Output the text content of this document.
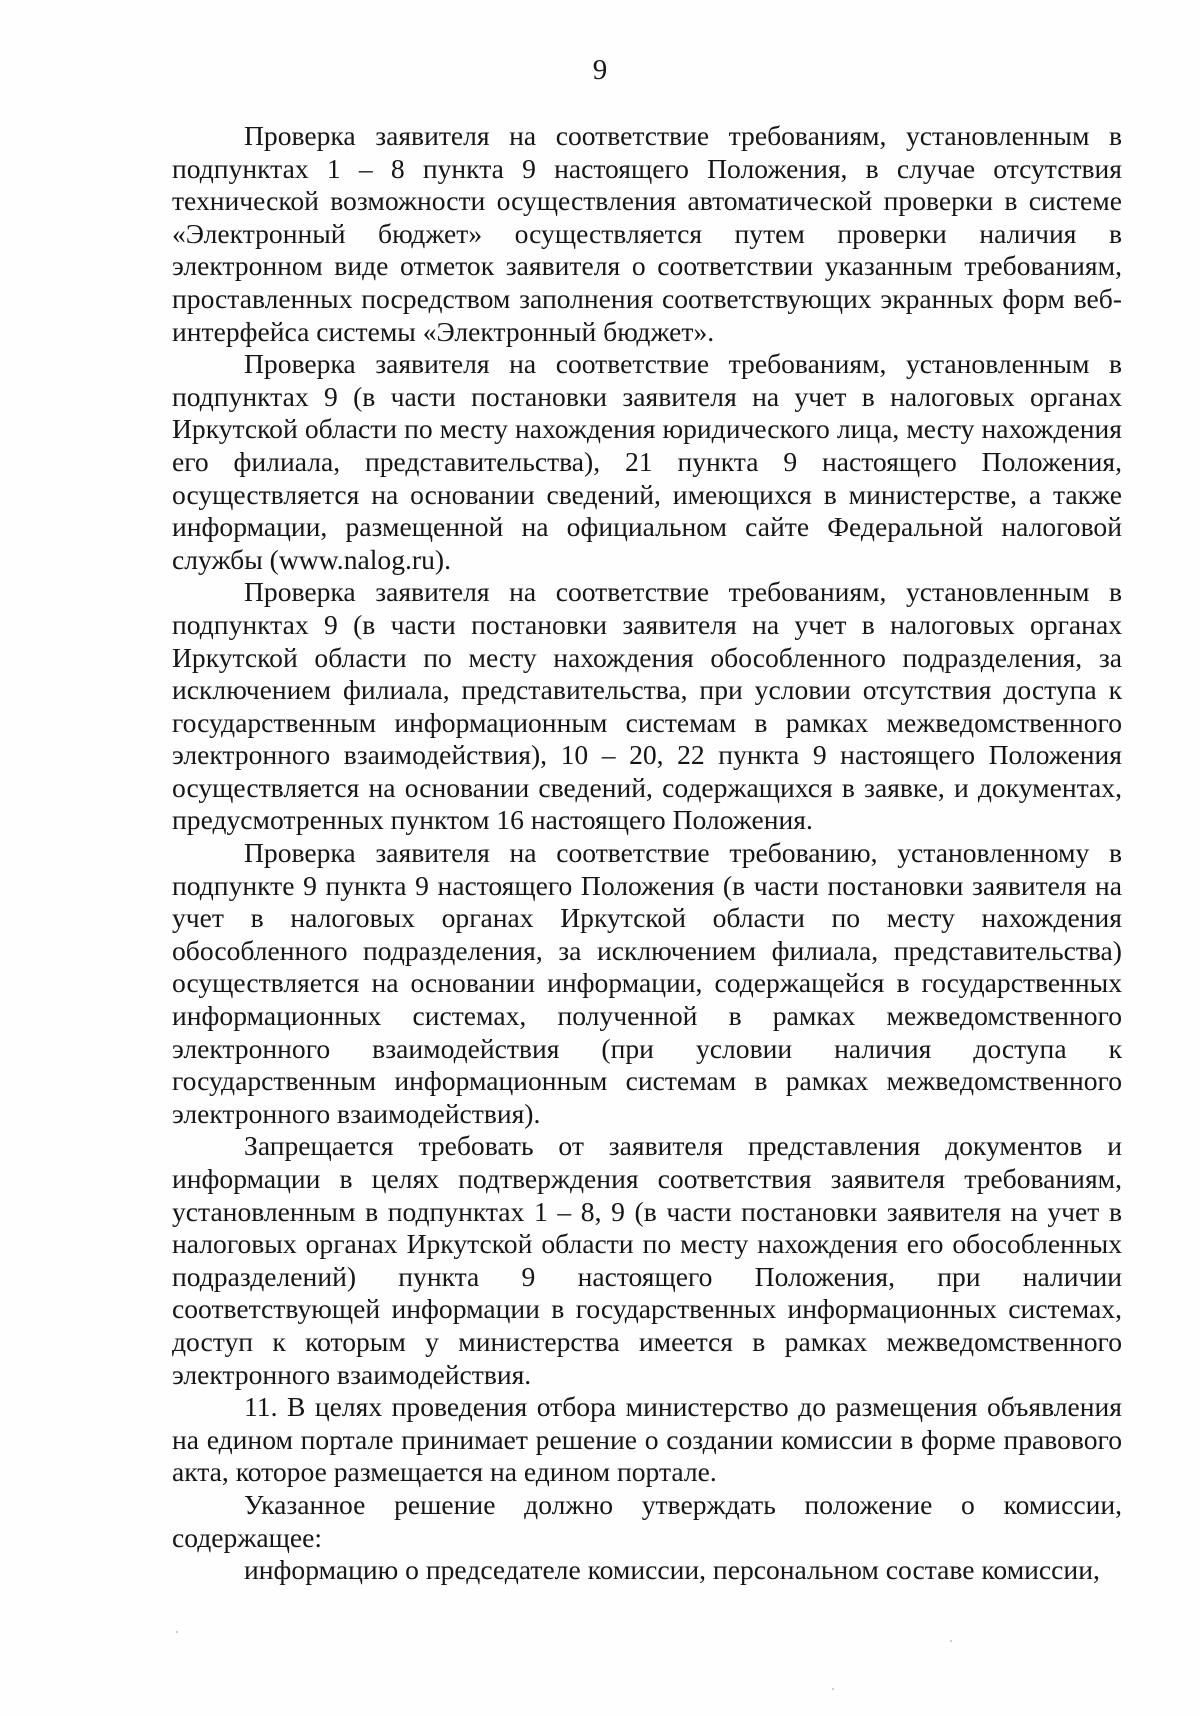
9

Проверка заявителя на соответствие требованиям, установленным в подпунктах 1 – 8 пункта 9 настоящего Положения, в случае отсутствия технической возможности осуществления автоматической проверки в системе «Электронный бюджет» осуществляется путем проверки наличия в электронном виде отметок заявителя о соответствии указанным требованиям, проставленных посредством заполнения соответствующих экранных форм веб-интерфейса системы «Электронный бюджет».

Проверка заявителя на соответствие требованиям, установленным в подпунктах 9 (в части постановки заявителя на учет в налоговых органах Иркутской области по месту нахождения юридического лица, месту нахождения его филиала, представительства), 21 пункта 9 настоящего Положения, осуществляется на основании сведений, имеющихся в министерстве, а также информации, размещенной на официальном сайте Федеральной налоговой службы (www.nalog.ru).

Проверка заявителя на соответствие требованиям, установленным в подпунктах 9 (в части постановки заявителя на учет в налоговых органах Иркутской области по месту нахождения обособленного подразделения, за исключением филиала, представительства, при условии отсутствия доступа к государственным информационным системам в рамках межведомственного электронного взаимодействия), 10 – 20, 22 пункта 9 настоящего Положения осуществляется на основании сведений, содержащихся в заявке, и документах, предусмотренных пунктом 16 настоящего Положения.

Проверка заявителя на соответствие требованию, установленному в подпункте 9 пункта 9 настоящего Положения (в части постановки заявителя на учет в налоговых органах Иркутской области по месту нахождения обособленного подразделения, за исключением филиала, представительства) осуществляется на основании информации, содержащейся в государственных информационных системах, полученной в рамках межведомственного электронного взаимодействия (при условии наличия доступа к государственным информационным системам в рамках межведомственного электронного взаимодействия).

Запрещается требовать от заявителя представления документов и информации в целях подтверждения соответствия заявителя требованиям, установленным в подпунктах 1 – 8, 9 (в части постановки заявителя на учет в налоговых органах Иркутской области по месту нахождения его обособленных подразделений) пункта 9 настоящего Положения, при наличии соответствующей информации в государственных информационных системах, доступ к которым у министерства имеется в рамках межведомственного электронного взаимодействия.

11. В целях проведения отбора министерство до размещения объявления на едином портале принимает решение о создании комиссии в форме правового акта, которое размещается на едином портале.

Указанное решение должно утверждать положение о комиссии, содержащее:

информацию о председателе комиссии, персональном составе комиссии,
